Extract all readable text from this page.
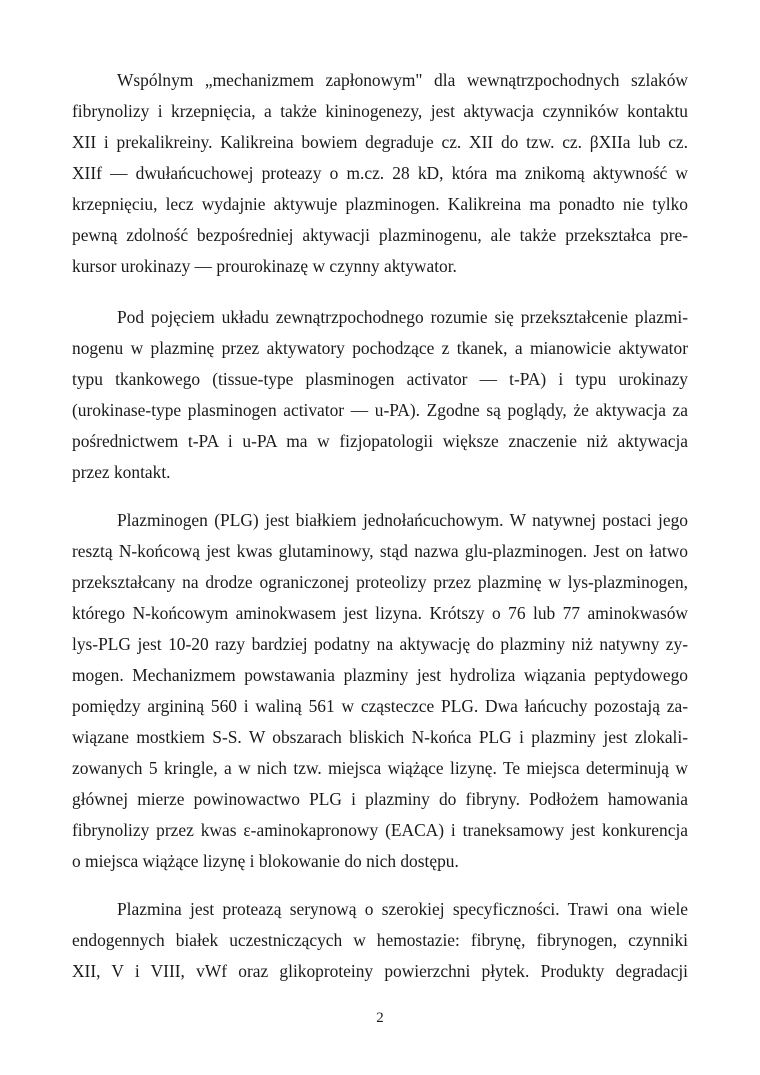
Wspólnym „mechanizmem zapłonowym" dla wewnątrzpochodnych szlaków
fibrynolizy i krzepnięcia, a także kininogenezy, jest aktywacja czynników kontaktu
XII i prekalikreiny. Kalikreina bowiem degraduje cz. XII do tzw. cz. βXIIa lub cz.
XIIf — dwułańcuchowej proteazy o m.cz. 28 kD, która ma znikomą aktywność w
krzepnięciu, lecz wydajnie aktywuje plazminogen. Kalikreina ma ponadto nie tylko
pewną zdolność bezpośredniej aktywacji plazminogenu, ale także przekształca pre-
kursor urokinazy — prourokinazę w czynny aktywator.
Pod pojęciem układu zewnątrzpochodnego rozumie się przekształcenie plazmi-
nogenu w plazminę przez aktywatory pochodzące z tkanek, a mianowicie aktywator
typu tkankowego (tissue-type plasminogen activator — t-PA) i typu urokinazy
(urokinase-type plasminogen activator — u-PA). Zgodne są poglądy, że aktywacja za
pośrednictwem t-PA i u-PA ma w fizjopatologii większe znaczenie niż aktywacja
przez kontakt.
Plazminogen (PLG) jest białkiem jednołańcuchowym. W natywnej postaci jego
resztą N-końcową jest kwas glutaminowy, stąd nazwa glu-plazminogen. Jest on łatwo
przekształcany na drodze ograniczonej proteolizy przez plazminę w lys-plazminogen,
którego N-końcowym aminokwasem jest lizyna. Krótszy o 76 lub 77 aminokwasów
lys-PLG jest 10-20 razy bardziej podatny na aktywację do plazminy niż natywny zy-
mogen. Mechanizmem powstawania plazminy jest hydroliza wiązania peptydowego
pomiędzy argininą 560 i waliną 561 w cząsteczce PLG. Dwa łańcuchy pozostają za-
wiązane mostkiem S-S. W obszarach bliskich N-końca PLG i plazminy jest zlokali-
zowanych 5 kringle, a w nich tzw. miejsca wiążące lizynę. Te miejsca determinują w
głównej mierze powinowactwo PLG i plazminy do fibryny. Podłożem hamowania
fibrynolizy przez kwas ε-aminokapronowy (EACA) i traneksamowy jest konkurencja
o miejsca wiążące lizynę i blokowanie do nich dostępu.
Plazmina jest proteazą serynową o szerokiej specyficzności. Trawi ona wiele
endogennych białek uczestniczących w hemostazie: fibrynę, fibrynogen, czynniki
XII, V i VIII, vWf oraz glikoproteiny powierzchni płytek. Produkty degradacji
2
